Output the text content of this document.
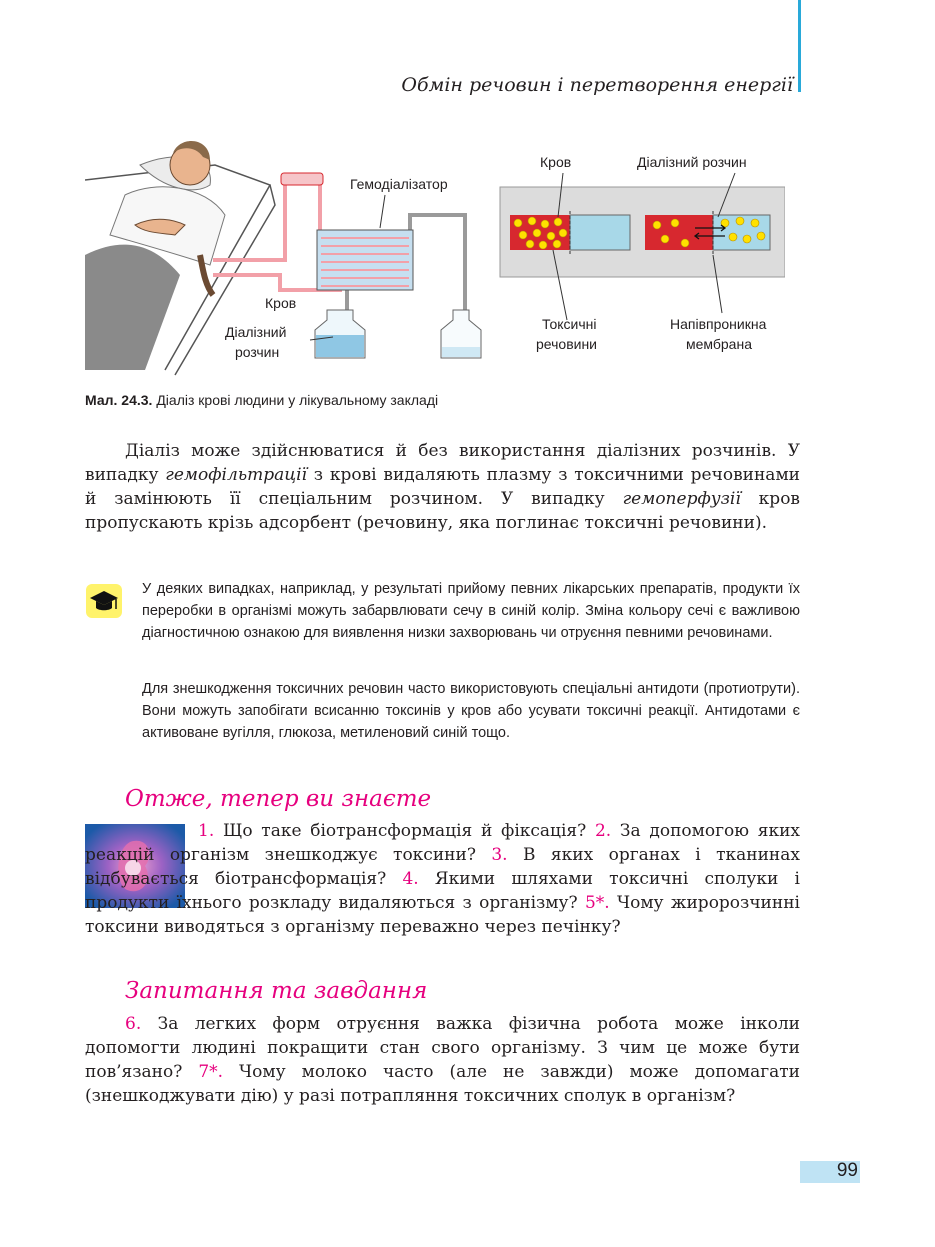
Обмін речовин і перетворення енергії
Гемодіалізатор
Кров
Діалізний
розчин
Кров	Діалізний розчин
Токсичні
речовини
Напівпроникна
мембрана
Мал. 24.3. Діаліз крові людини у лікувальному закладі

Діаліз може здійснюватися й без використання діалізних розчинів. У випадку гемофільтрації з крові видаляють плазму з токсичними речовинами й замінюють її спеціальним розчином. У випадку гемоперфузії кров пропускають крізь адсорбент (речовину, яка поглинає токсичні речовини).

У деяких випадках, наприклад, у результаті прийому певних лікарських препаратів, продукти їх переробки в організмі можуть забарвлювати сечу в синій колір. Зміна кольору сечі є важливою діагностичною ознакою для виявлення низки захворювань чи отруєння певними речовинами.

Для знешкодження токсичних речовин часто використовують спеціальні антидоти (протиотрути). Вони можуть запобігати всисанню токсинів у кров або усувати токсичні реакції. Антидотами є активоване вугілля, глюкоза, метиленовий синій тощо.

Отже, тепер ви знаєте

1. Що таке біотрансформація й фіксація? 2. За допомогою яких реакцій організм знешкоджує токсини? 3. В яких органах і тканинах відбувається біотрансформація? 4. Якими шляхами токсичні сполуки і продукти їхнього розкладу видаляються з організму? 5*. Чому жиророзчинні токсини виводяться з організму переважно через печінку?

Запитання та завдання

6. За легких форм отруєння важка фізична робота може інколи допомогти людині покращити стан свого організму. З чим це може бути пов’язано? 7*. Чому молоко часто (але не завжди) може допомагати (знешкоджувати дію) у разі потрапляння токсичних сполук в організм?

99
